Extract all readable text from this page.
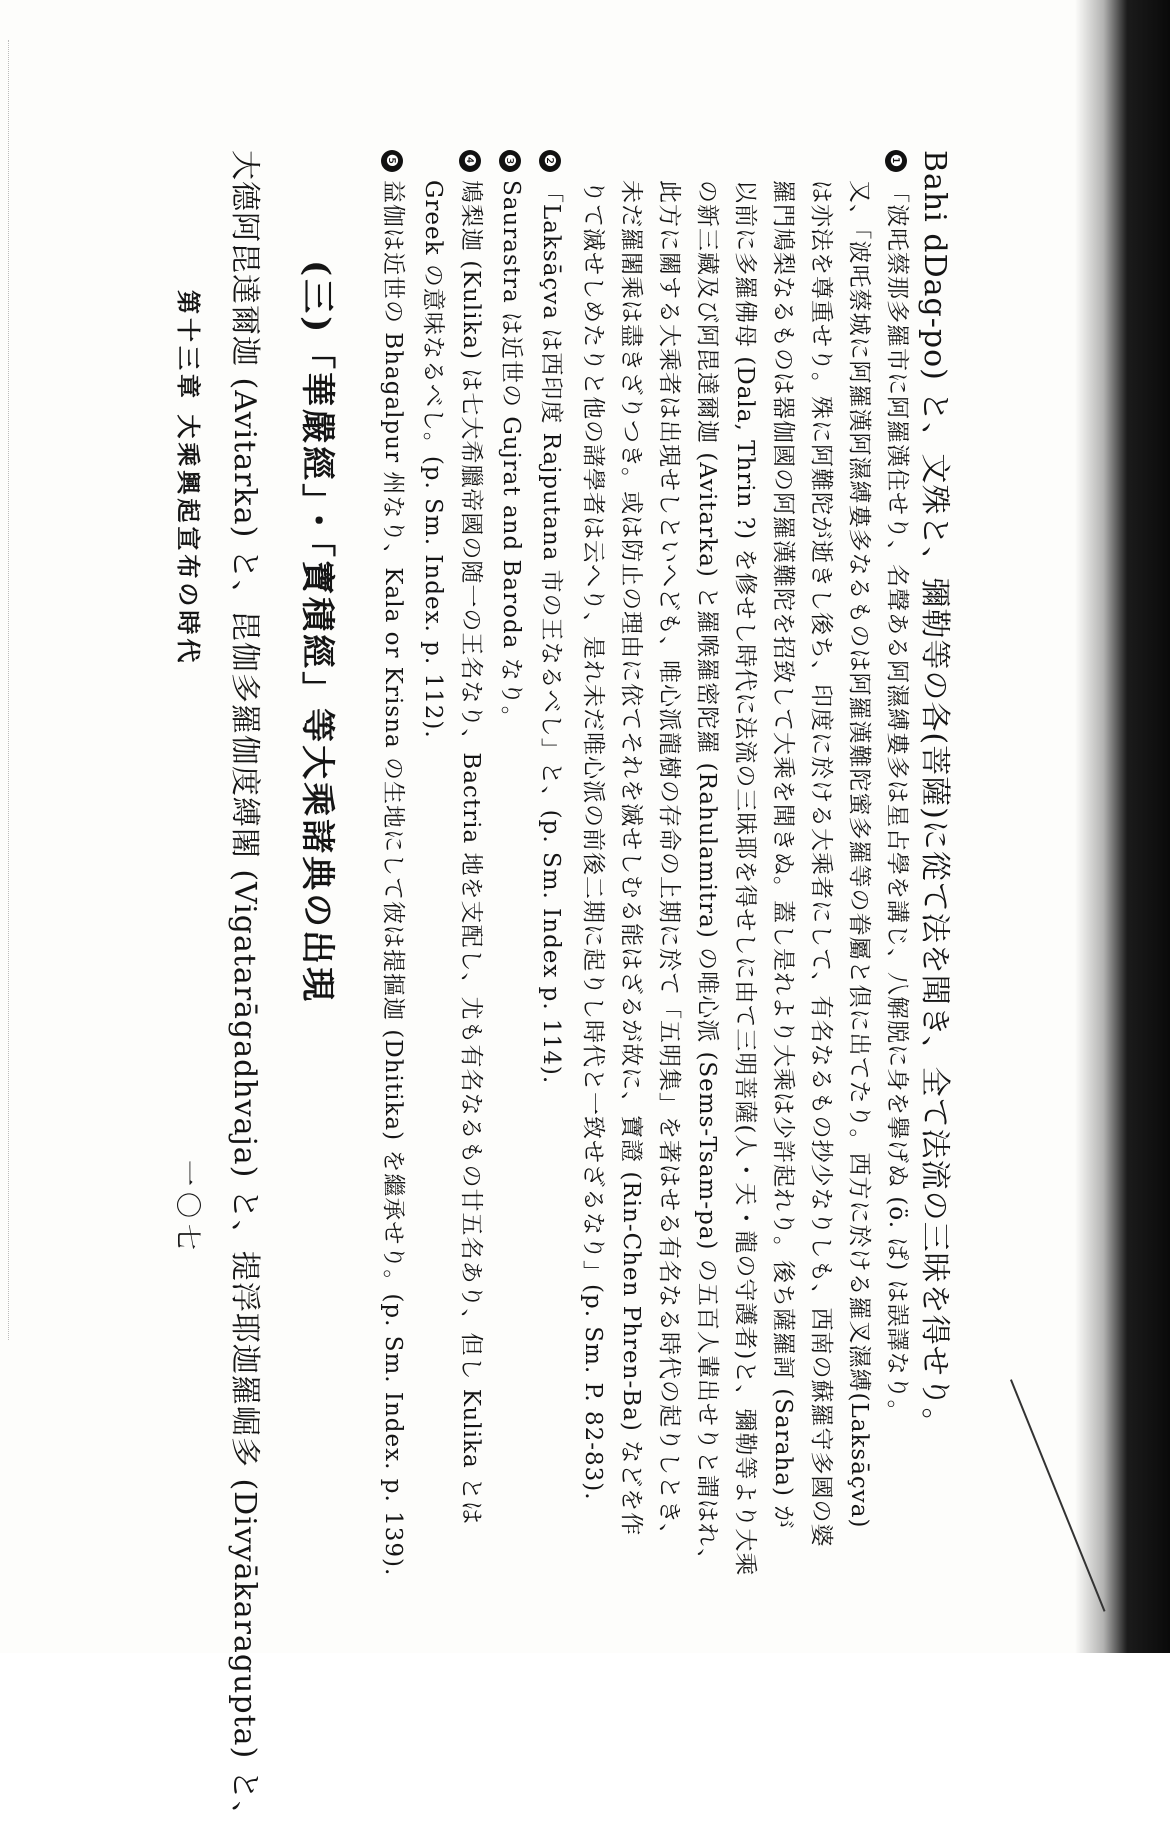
Bahi dDag-po) と、文殊と、彌勒等の各(菩薩)に從て法を聞き、全て法流の三昧を得せり。
❶「波吒蔡那多羅市に阿羅漢住せり、名聲ある阿濕縛婁多は星占學を講じ、八解脱に身を擧げぬ (ö. ぱ) は誤譯なり。
又、「波吒蔡城に阿羅漢阿濕縛婁多なるものは阿羅漢難陀蜜多羅等の眷屬と倶に出てたり。西方に於ける羅叉濕縛(Laksāçva)
は亦法を尊重せり。殊に阿難陀が逝きし後ち、印度に於ける大乘者にして、有名なるもの抄少なりしも、西南の蘇羅守多國の婆
羅門鳩梨なるものは器伽國の阿羅漢難陀を招致して大乘を聞きぬ。蓋し是れより大乘は少許起れり。後ち薩羅訶 (Saraha) が
以前に多羅佛母 (Dala, Thrin ?) を修せし時代に法流の三昧耶を得せしに由て三明菩薩(人・天・龍の守護者)と、彌勒等より大乘
の新三藏及び阿毘達爾迦 (Avitarka) と羅喉羅密陀羅 (Rahulamitra) の唯心派 (Sems-Tsam-pa) の五百人輩出せりと謂はれ、
此方に關する大乘者は出現せしといへども、唯心派龍樹の存命の上期に於て「五明集」を著はせる有名なる時代の起りしとき、
未だ羅闍乘は盡きざりつき。或は防止の理由に依てそれを滅せしむる能はざるが故に、寶證 (Rin-Chen Phren-Ba) などを作
りて滅せしめたりと他の諸學者は云へり、是れ未だ唯心派の前後二期に起りし時代と一致せざるなり」(p. Sm. P. 82-83).
❷「Laksāçva は西印度 Rajputana 市の王なるべし」と、(p. Sm. Index p. 114).
❸Saurastra は近世の Gujrat and Baroda なり。
❹鳩梨迦 (Kulika) は七大希臘帝國の随一の王名なり、Bactria 地を支配し、尤も有名なるもの廿五名あり、但し Kulika とは
Greek の意味なるべし。(p. Sm. Index. p. 112).
❺益伽は近世の Bhagalpur 州なり、Kala or Krisna の生地にして彼は提摳迦 (Dhitika) を繼承せり。(p. Sm. Index. p. 139).
(三)「華嚴經」・「寶積經」等大乘諸典の出現
大德阿毘達爾迦 (Avitarka) と、毘伽多羅伽度縛闍 (Vigatarāgadhvaja) と、提浮耶迦羅崛多 (Divyākaragupta) と、
第十三章 大乘興起宣布の時代
一〇七
